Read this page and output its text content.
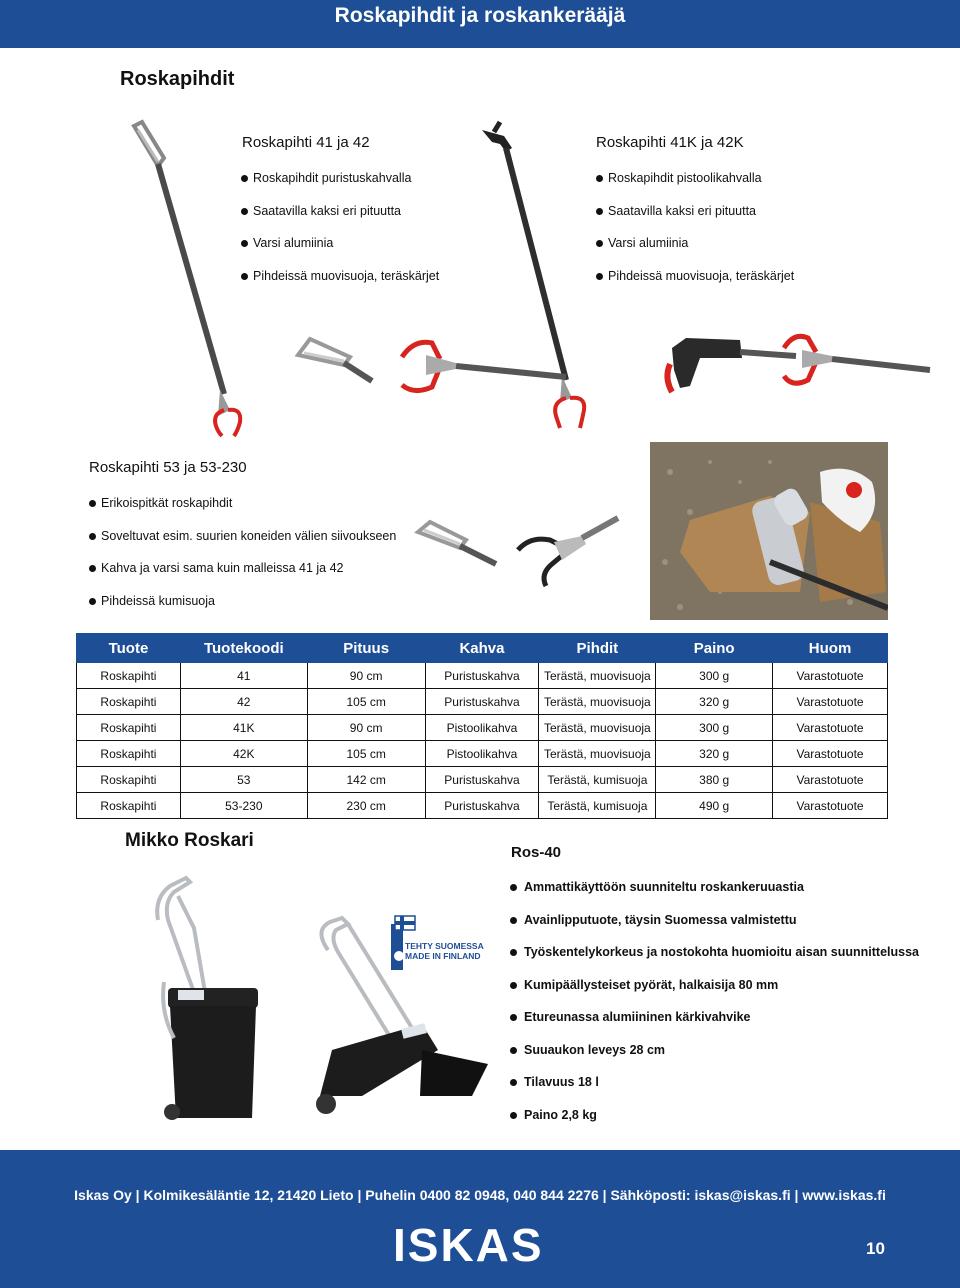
Roskapihdit ja roskankerääjä
Roskapihdit
Roskapihti 41 ja 42
Roskapihdit puristuskahvalla
Saatavilla kaksi eri pituutta
Varsi alumiinia
Pihdeissä muovisuoja, teräskärjet
Roskapihti 41K ja 42K
Roskapihdit pistoolikahvalla
Saatavilla kaksi eri pituutta
Varsi alumiinia
Pihdeissä muovisuoja, teräskärjet
Roskapihti 53 ja 53-230
Erikoispitkät roskapihdit
Soveltuvat esim. suurien koneiden välien siivoukseen
Kahva ja varsi sama kuin malleissa 41 ja 42
Pihdeissä kumisuoja
Tuote	Tuotekoodi	Pituus	Kahva	Pihdit	Paino	Huom
Roskapihti	41	90 cm	Puristuskahva	Terästä, muovisuoja	300 g	Varastotuote
Roskapihti	42	105 cm	Puristuskahva	Terästä, muovisuoja	320 g	Varastotuote
Roskapihti	41K	90 cm	Pistoolikahva	Terästä, muovisuoja	300 g	Varastotuote
Roskapihti	42K	105 cm	Pistoolikahva	Terästä, muovisuoja	320 g	Varastotuote
Roskapihti	53	142 cm	Puristuskahva	Terästä, kumisuoja	380 g	Varastotuote
Roskapihti	53-230	230 cm	Puristuskahva	Terästä, kumisuoja	490 g	Varastotuote
Mikko Roskari
TEHTY SUOMESSA
MADE IN FINLAND
Ros-40
Ammattikäyttöön suunniteltu roskankeruuastia
Avainlipputuote, täysin Suomessa valmistettu
Työskentelykorkeus ja nostokohta huomioitu aisan suunnittelussa
Kumipäällysteiset pyörät, halkaisija 80 mm
Etureunassa alumiininen kärkivahvike
Suuaukon leveys 28 cm
Tilavuus 18 l
Paino 2,8 kg
Iskas Oy | Kolmikesäläntie 12, 21420 Lieto | Puhelin 0400 82 0948, 040 844 2276 | Sähköposti: iskas@iskas.fi | www.iskas.fi
ISKAS	10
